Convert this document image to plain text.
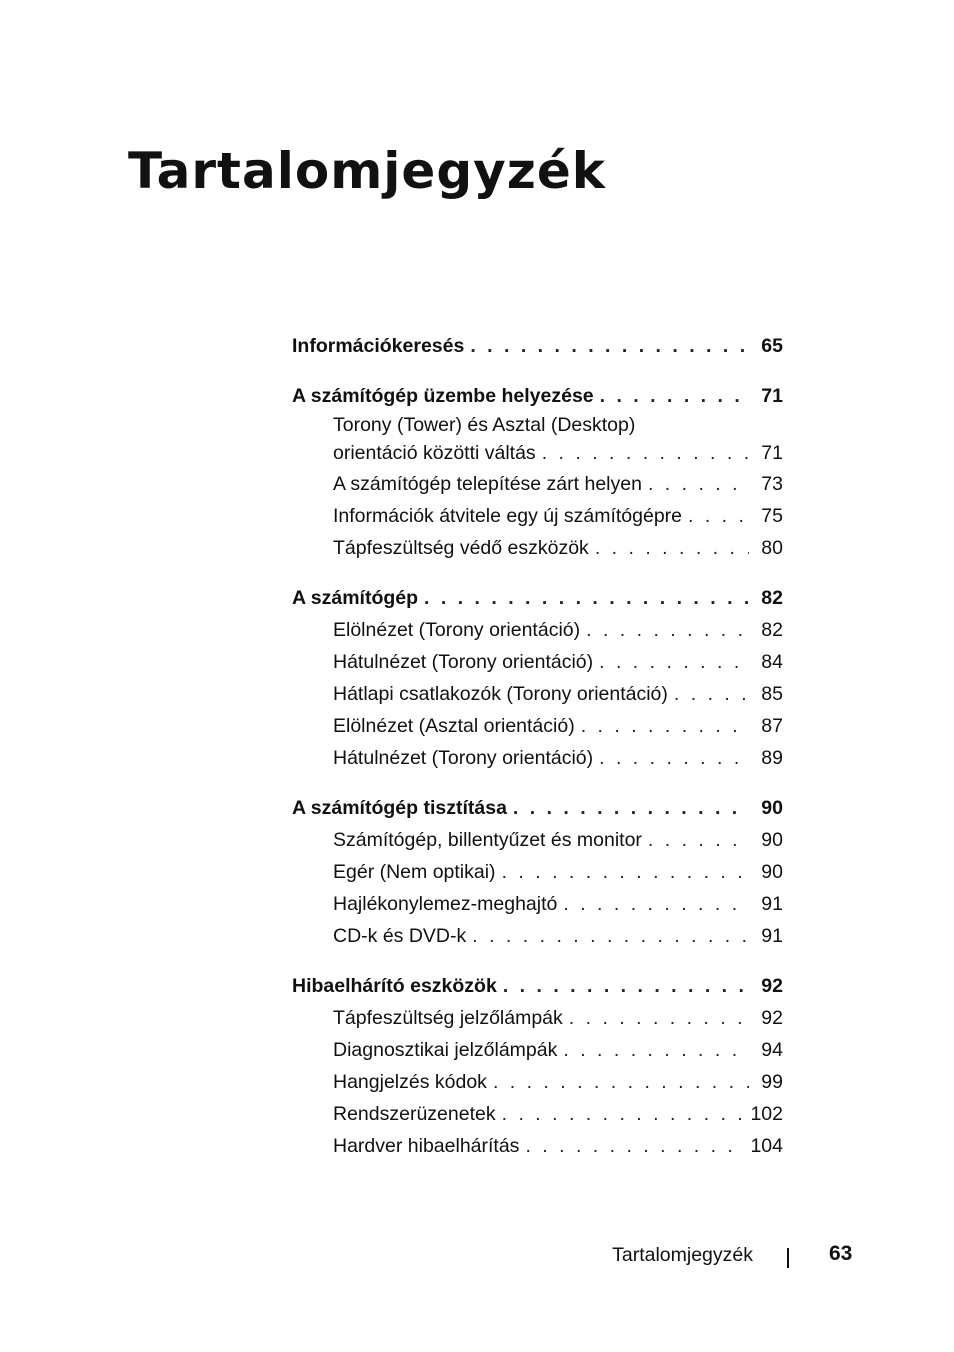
Tartalomjegyzék
Információkeresés . . .	65
A számítógép üzembe helyezése . . .	71
Torony (Tower) és Asztal (Desktop)
orientáció közötti váltás . . .	71
A számítógép telepítése zárt helyen . . .	73
Információk átvitele egy új számítógépre . . .	75
Tápfeszültség védő eszközök . . .	80
A számítógép . . .	82
Elölnézet (Torony orientáció) . . .	82
Hátulnézet (Torony orientáció) . . .	84
Hátlapi csatlakozók (Torony orientáció) . . .	85
Elölnézet (Asztal orientáció) . . .	87
Hátulnézet (Torony orientáció) . . .	89
A számítógép tisztítása . . .	90
Számítógép, billentyűzet és monitor . . .	90
Egér (Nem optikai) . . .	90
Hajlékonylemez-meghajtó . . .	91
CD-k és DVD-k . . .	91
Hibaelhárító eszközök . . .	92
Tápfeszültség jelzőlámpák . . .	92
Diagnosztikai jelzőlámpák . . .	94
Hangjelzés kódok . . .	99
Rendszerüzenetek . . .	102
Hardver hibaelhárítás . . .	104
Tartalomjegyzék	63
